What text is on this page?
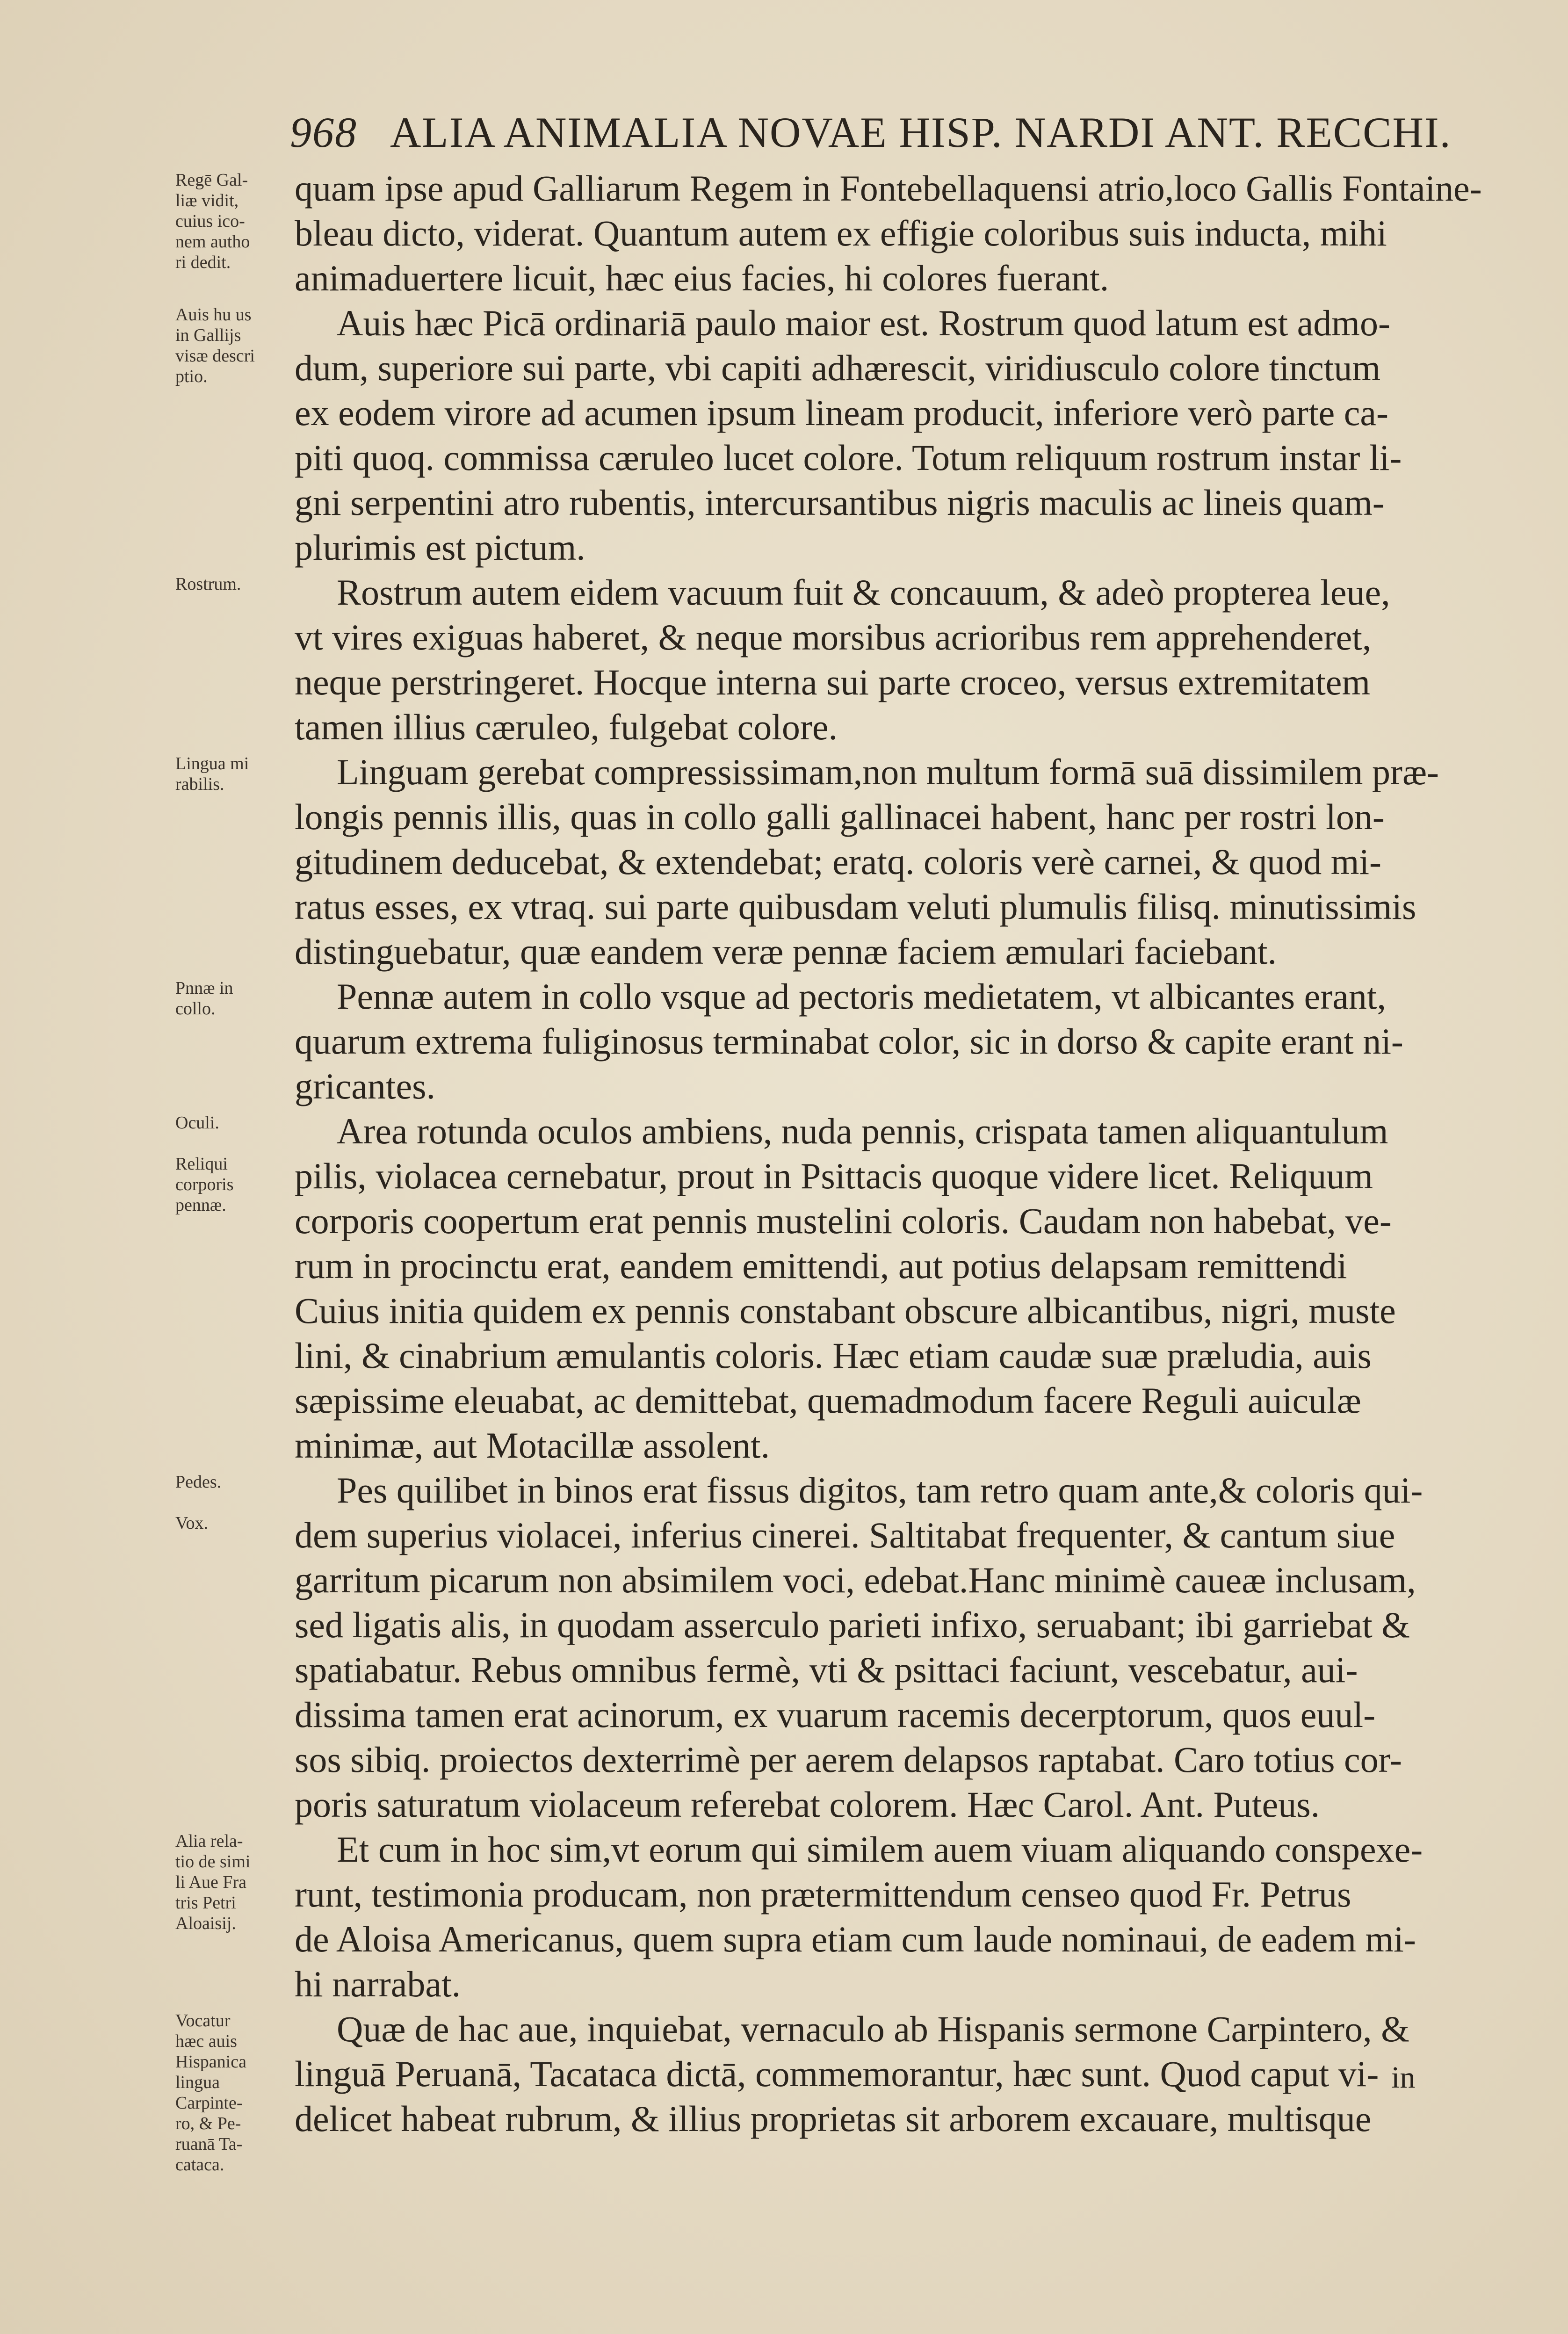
968 ALIA ANIMALIA NOVAE HISP. NARDI ANT. RECCHI.
Regē Gal-
liæ vidit,
cuius ico-
nem autho
ri dedit.
quam ipse apud Galliarum Regem in Fontebellaquensi atrio,loco Gallis Fontaine-
bleau dicto, viderat. Quantum autem ex effigie coloribus suis inducta, mihi
animaduertere licuit, hæc eius facies, hi colores fuerant.
Auis hu us
in Gallijs
visæ descri
ptio.
Auis hæc Picā ordinariā paulo maior est. Rostrum quod latum est admo-
dum, superiore sui parte, vbi capiti adhærescit, viridiusculo colore tinctum
ex eodem virore ad acumen ipsum lineam producit, inferiore verò parte ca-
piti quoq. commissa cæruleo lucet colore. Totum reliquum rostrum instar li-
gni serpentini atro rubentis, intercursantibus nigris maculis ac lineis quam-
plurimis est pictum.
Rostrum.	Rostrum autem eidem vacuum fuit & concauum, & adeò propterea leue,
vt vires exiguas haberet, & neque morsibus acrioribus rem apprehenderet,
neque perstringeret. Hocque interna sui parte croceo, versus extremitatem
tamen illius cæruleo, fulgebat colore.
Lingua mi
rabilis.	Linguam gerebat compressissimam,non multum formā suā dissimilem præ-
longis pennis illis, quas in collo galli gallinacei habent, hanc per rostri lon-
gitudinem deducebat, & extendebat; eratq. coloris verè carnei, & quod mi-
ratus esses, ex vtraq. sui parte quibusdam veluti plumulis filisq. minutissimis
distinguebatur, quæ eandem veræ pennæ faciem æmulari faciebant.
Pnnæ in
collo.	Pennæ autem in collo vsque ad pectoris medietatem, vt albicantes erant,
quarum extrema fuliginosus terminabat color, sic in dorso & capite erant ni-
gricantes.
Oculi.
Reliqui
corporis
pennæ.
Area rotunda oculos ambiens, nuda pennis, crispata tamen aliquantulum
pilis, violacea cernebatur, prout in Psittacis quoque videre licet. Reliquum
corporis coopertum erat pennis mustelini coloris. Caudam non habebat, ve-
rum in procinctu erat, eandem emittendi, aut potius delapsam remittendi
Cuius initia quidem ex pennis constabant obscure albicantibus, nigri, muste
lini, & cinabrium æmulantis coloris. Hæc etiam caudæ suæ præludia, auis
sæpissime eleuabat, ac demittebat, quemadmodum facere Reguli auiculæ
minimæ, aut Motacillæ assolent.
Pedes.
Vox.
Pes quilibet in binos erat fissus digitos, tam retro quam ante,& coloris qui-
dem superius violacei, inferius cinerei. Saltitabat frequenter, & cantum siue
garritum picarum non absimilem voci, edebat.Hanc minimè caueæ inclusam,
sed ligatis alis, in quodam asserculo parieti infixo, seruabant; ibi garriebat &
spatiabatur. Rebus omnibus fermè, vti & psittaci faciunt, vescebatur, aui-
dissima tamen erat acinorum, ex vuarum racemis decerptorum, quos euul-
sos sibiq. proiectos dexterrimè per aerem delapsos raptabat. Caro totius cor-
poris saturatum violaceum referebat colorem. Hæc Carol. Ant. Puteus.
Alia rela-
tio de simi
li Aue Fra
tris Petri
Aloaisij.
Et cum in hoc sim,vt eorum qui similem auem viuam aliquando conspexe-
runt, testimonia producam, non prætermittendum censeo quod Fr. Petrus
de Aloisa Americanus, quem supra etiam cum laude nominaui, de eadem mi-
hi narrabat.
Vocatur
hæc auis
Hispanica
lingua
Carpinte-
ro, & Pe-
ruanā Ta-
cataca.
Quæ de hac aue, inquiebat, vernaculo ab Hispanis sermone Carpintero, &
linguā Peruanā, Tacataca dictā, commemorantur, hæc sunt. Quod caput vi-
delicet habeat rubrum, & illius proprietas sit arborem excauare, multisque
in
